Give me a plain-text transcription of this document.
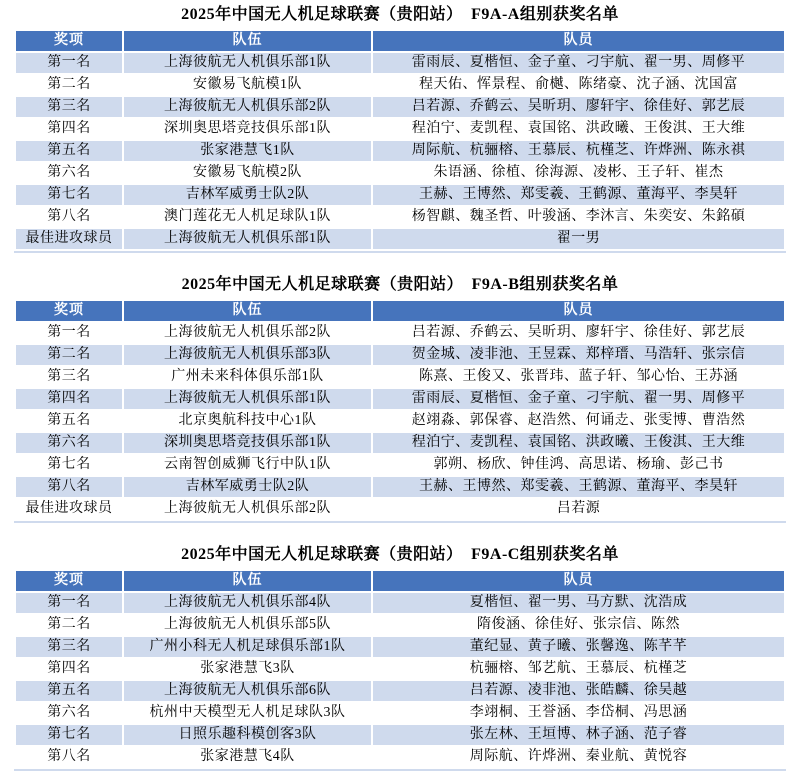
2025年中国无人机足球联赛（贵阳站）　F9A-A组别获奖名单
奖项	队伍	队员
第一名	上海彼航无人机俱乐部1队	雷雨辰、夏楷恒、金子童、刁宇航、翟一男、周修平
第二名	安徽易飞航模1队	程天佑、恽景程、俞樾、陈绪豪、沈子涵、沈国富
第三名	上海彼航无人机俱乐部2队	吕若源、乔鹤云、吴昕玥、廖轩宇、徐佳好、郭艺辰
第四名	深圳奥思塔竞技俱乐部1队	程泊宁、麦凯程、袁国铭、洪政曦、王俊淇、王大维
第五名	张家港慧飞1队	周际航、杭骊榕、王慕辰、杭槿芝、许烨洲、陈永祺
第六名	安徽易飞航模2队	朱语涵、徐植、徐海源、凌彬、王子轩、崔杰
第七名	吉林军威勇士队2队	王赫、王博然、郑雯羲、王鹤源、董海平、李昊轩
第八名	澳门莲花无人机足球队1队	杨智麒、魏圣哲、叶骏涵、李沐言、朱奕安、朱銘碩
最佳进攻球员	上海彼航无人机俱乐部1队	翟一男
2025年中国无人机足球联赛（贵阳站）　F9A-B组别获奖名单
奖项	队伍	队员
第一名	上海彼航无人机俱乐部2队	吕若源、乔鹤云、吴昕玥、廖轩宇、徐佳好、郭艺辰
第二名	上海彼航无人机俱乐部3队	贺金城、凌非池、王昱霖、郑梓瑨、马浩轩、张宗信
第三名	广州未来科体俱乐部1队	陈熹、王俊又、张晋玮、蓝子轩、邹心怡、王苏涵
第四名	上海彼航无人机俱乐部1队	雷雨辰、夏楷恒、金子童、刁宇航、翟一男、周修平
第五名	北京奥航科技中心1队	赵翊淼、郭保睿、赵浩然、何诵赱、张雯博、曹浩然
第六名	深圳奥思塔竞技俱乐部1队	程泊宁、麦凯程、袁国铭、洪政曦、王俊淇、王大维
第七名	云南智创威狮飞行中队1队	郭朔、杨欣、钟佳鸿、高思诺、杨瑜、彭己书
第八名	吉林军威勇士队2队	王赫、王博然、郑雯羲、王鹤源、董海平、李昊轩
最佳进攻球员	上海彼航无人机俱乐部2队	吕若源
2025年中国无人机足球联赛（贵阳站）　F9A-C组别获奖名单
奖项	队伍	队员
第一名	上海彼航无人机俱乐部4队	夏楷恒、翟一男、马方默、沈浩成
第二名	上海彼航无人机俱乐部5队	隋俊涵、徐佳好、张宗信、陈然
第三名	广州小科无人机足球俱乐部1队	董纪显、黄子曦、张馨逸、陈芊芊
第四名	张家港慧飞3队	杭骊榕、邹艺航、王慕辰、杭槿芝
第五名	上海彼航无人机俱乐部6队	吕若源、凌非池、张皓麟、徐吴越
第六名	杭州中天模型无人机足球队3队	李翊桐、王誉涵、李岱桐、冯思涵
第七名	日照乐趣科模创客3队	张左林、王垣博、林子涵、范子睿
第八名	张家港慧飞4队	周际航、许烨洲、秦业航、黄悦容
